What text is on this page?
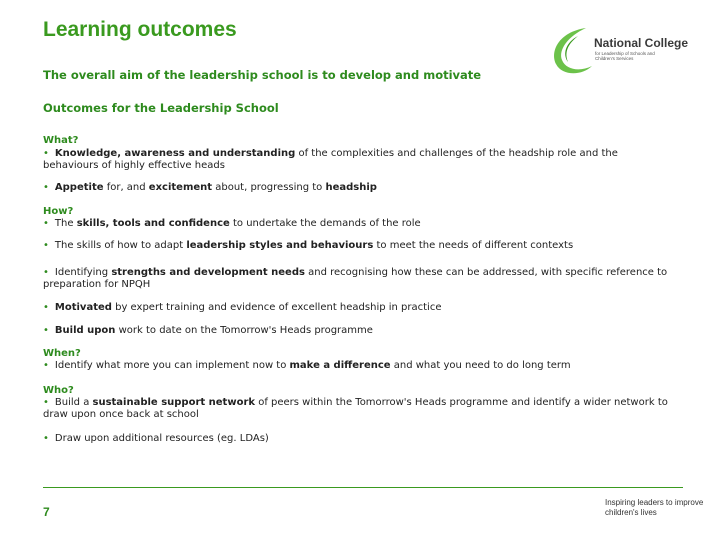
Learning outcomes
National College
for Leadership of Schools and Children's Services

The overall aim of the leadership school is to develop and motivate

Outcomes for the Leadership School

What?
• Knowledge, awareness and understanding of the complexities and challenges of the headship role and the behaviours of highly effective heads
• Appetite for, and excitement about, progressing to headship
How?
• The skills, tools and confidence to undertake the demands of the role
• The skills of how to adapt leadership styles and behaviours to meet the needs of different contexts
• Identifying strengths and development needs and recognising how these can be addressed, with specific reference to preparation for NPQH
• Motivated by expert training and evidence of excellent headship in practice
• Build upon work to date on the Tomorrow's Heads programme
When?
• Identify what more you can implement now to make a difference and what you need to do long term
Who?
• Build a sustainable support network of peers within the Tomorrow's Heads programme and identify a wider network to draw upon once back at school
• Draw upon additional resources (eg. LDAs)
7
Inspiring leaders to improve children's lives
